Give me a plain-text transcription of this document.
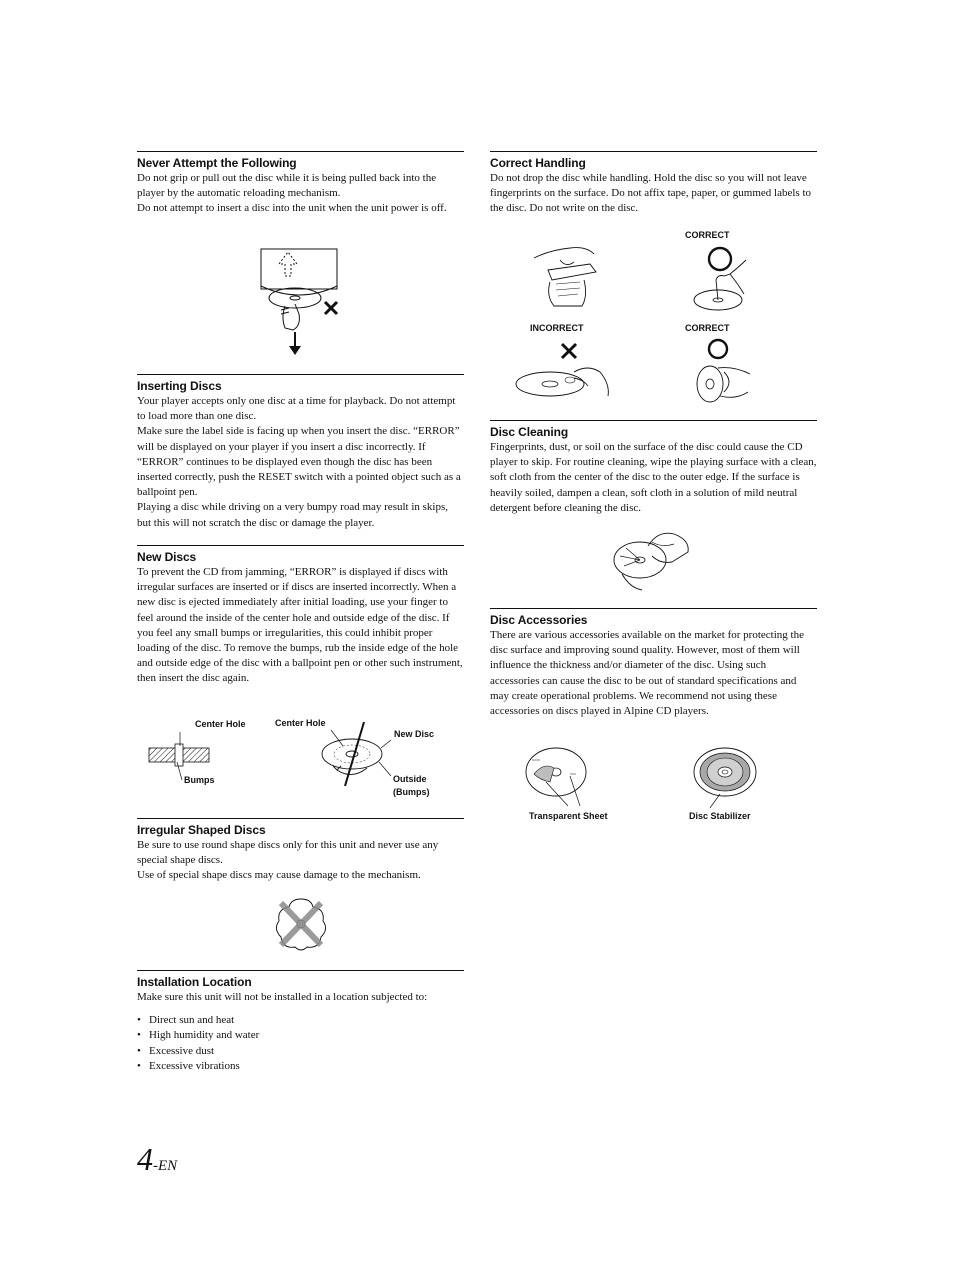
Never Attempt the Following

Do not grip or pull out the disc while it is being pulled back into the player by the automatic reloading mechanism.

Do not attempt to insert a disc into the unit when the unit power is off.

Inserting Discs

Your player accepts only one disc at a time for playback. Do not attempt to load more than one disc.

Make sure the label side is facing up when you insert the disc. “ERROR” will be displayed on your player if you insert a disc incorrectly. If “ERROR” continues to be displayed even though the disc has been inserted correctly, push the RESET switch with a pointed object such as a ballpoint pen.

Playing a disc while driving on a very bumpy road may result in skips, but this will not scratch the disc or damage the player.

New Discs

To prevent the CD from jamming, “ERROR” is displayed if discs with irregular surfaces are inserted or if discs are inserted incorrectly. When a new disc is ejected immediately after initial loading, use your finger to feel around the inside of the center hole and outside edge of the disc. If you feel any small bumps or irregularities, this could inhibit proper loading of the disc. To remove the bumps, rub the inside edge of the hole and outside edge of the disc with a ballpoint pen or other such instrument, then insert the disc again.

Center Hole	Center Hole
New Disc
Bumps	Outside
(Bumps)
Irregular Shaped Discs

Be sure to use round shape discs only for this unit and never use any special shape discs.

Use of special shape discs may cause damage to the mechanism.

Installation Location

Make sure this unit will not be installed in a location subjected to:

• Direct sun and heat
• High humidity and water
• Excessive dust
• Excessive vibrations
Correct Handling

Do not drop the disc while handling. Hold the disc so you will not leave fingerprints on the surface. Do not affix tape, paper, or gummed labels to the disc. Do not write on the disc.

CORRECT
INCORRECT	CORRECT
Disc Cleaning

Fingerprints, dust, or soil on the surface of the disc could cause the CD player to skip. For routine cleaning, wipe the playing surface with a clean, soft cloth from the center of the disc to the outer edge. If the surface is heavily soiled, dampen a clean, soft cloth in a solution of mild neutral detergent before cleaning the disc.

Disc Accessories

There are various accessories available on the market for protecting the disc surface and improving sound quality. However, most of them will influence the thickness and/or diameter of the disc. Using such accessories can cause the disc to be out of standard specifications and may create operational problems. We recommend not using these accessories on discs played in Alpine CD players.

Transparent Sheet	Disc Stabilizer
4-EN
